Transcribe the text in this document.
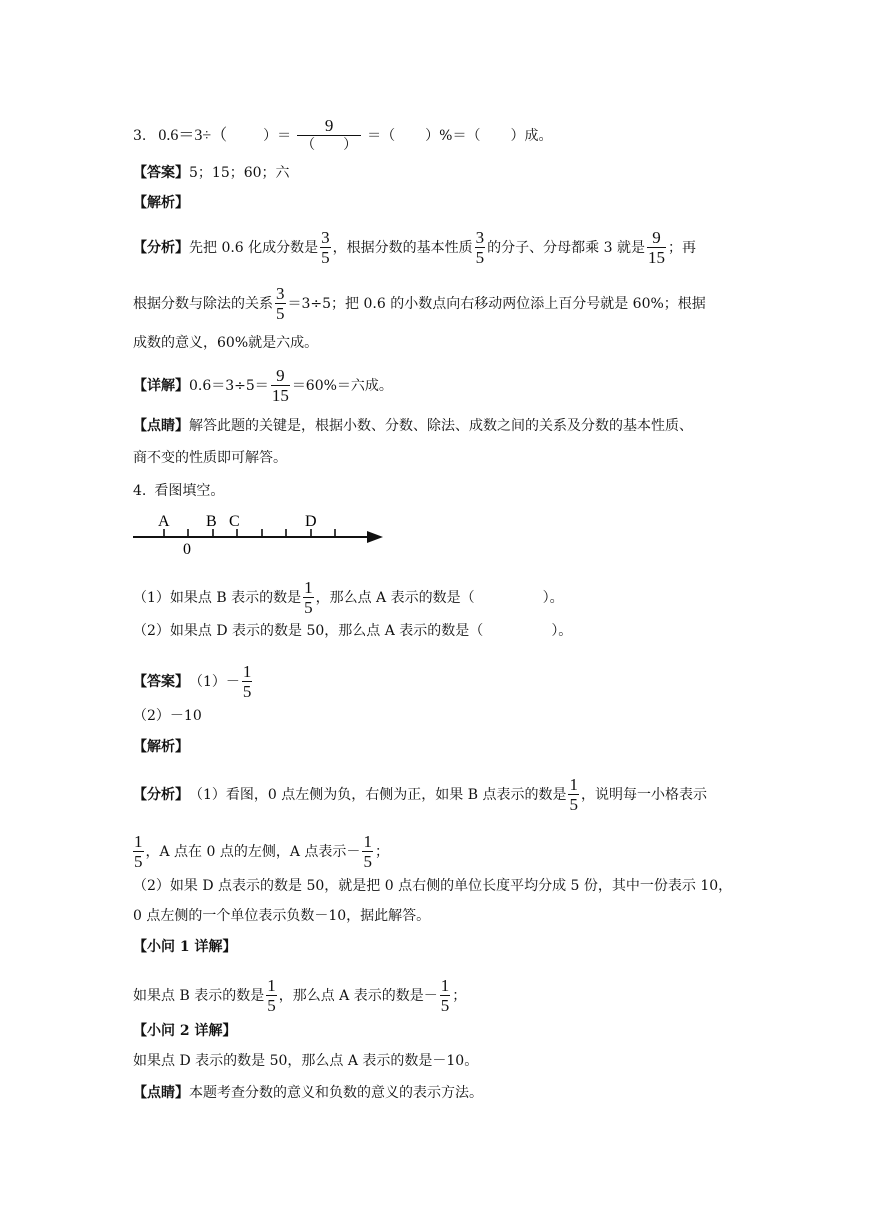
3. 0.6＝3÷（	）＝ $\frac{9}{( )}$ ＝（ ）%＝（ ）成。
【答案】 5；15；60；六
【解析】
【分析】 先把 0.6 化成分数是 $\frac{3}{5}$ ，根据分数的基本性质 $\frac{3}{5}$ 的分子、分母都乘 3 就是 $\frac{9}{15}$ ；再
根据分数与除法的关系 $\frac{3}{5} =3\div 5$；把 0.6 的小数点向右移动两位添上百分号就是 60%；根据
成数的意义，60%就是六成。
【详解】 $0.6=3\div 5= \frac{9}{15} =60\%=$六成。
【点睛】 解答此题的关键是，根据小数、分数、除法、成数之间的关系及分数的基本性质、
商不变的性质即可解答。
4. 看图填空。
A B C	D
0
（1）如果点 B 表示的数是 $\frac{1}{5}$ ，那么点 A 表示的数是（	）。
（2）如果点 D 表示的数是 50，那么点 A 表示的数是（	）。
【答案】 $(1)- \frac{1}{5}$
（2）－10
【解析】
【分析】 （1）看图，0 点左侧为负，右侧为正，如果 B 点表示的数是 $\frac{1}{5}$ ，说明每一小格表示
$\frac{1}{5}$ ，A 点在 0 点的左侧，A 点表示－ $\frac{1}{5}$ ；
（2）如果 D 点表示的数是 50，就是把 0 点右侧的单位长度平均分成 5 份，其中一份表示 10，
0 点左侧的一个单位表示负数－10，据此解答。
【小问 1 详解】
如果点 B 表示的数是 $\frac{1}{5}$ ，那么点 A 表示的数是－ $\frac{1}{5}$ ；
【小问 2 详解】
如果点 D 表示的数是 50，那么点 A 表示的数是－10。
【点睛】 本题考查分数的意义和负数的意义的表示方法。
